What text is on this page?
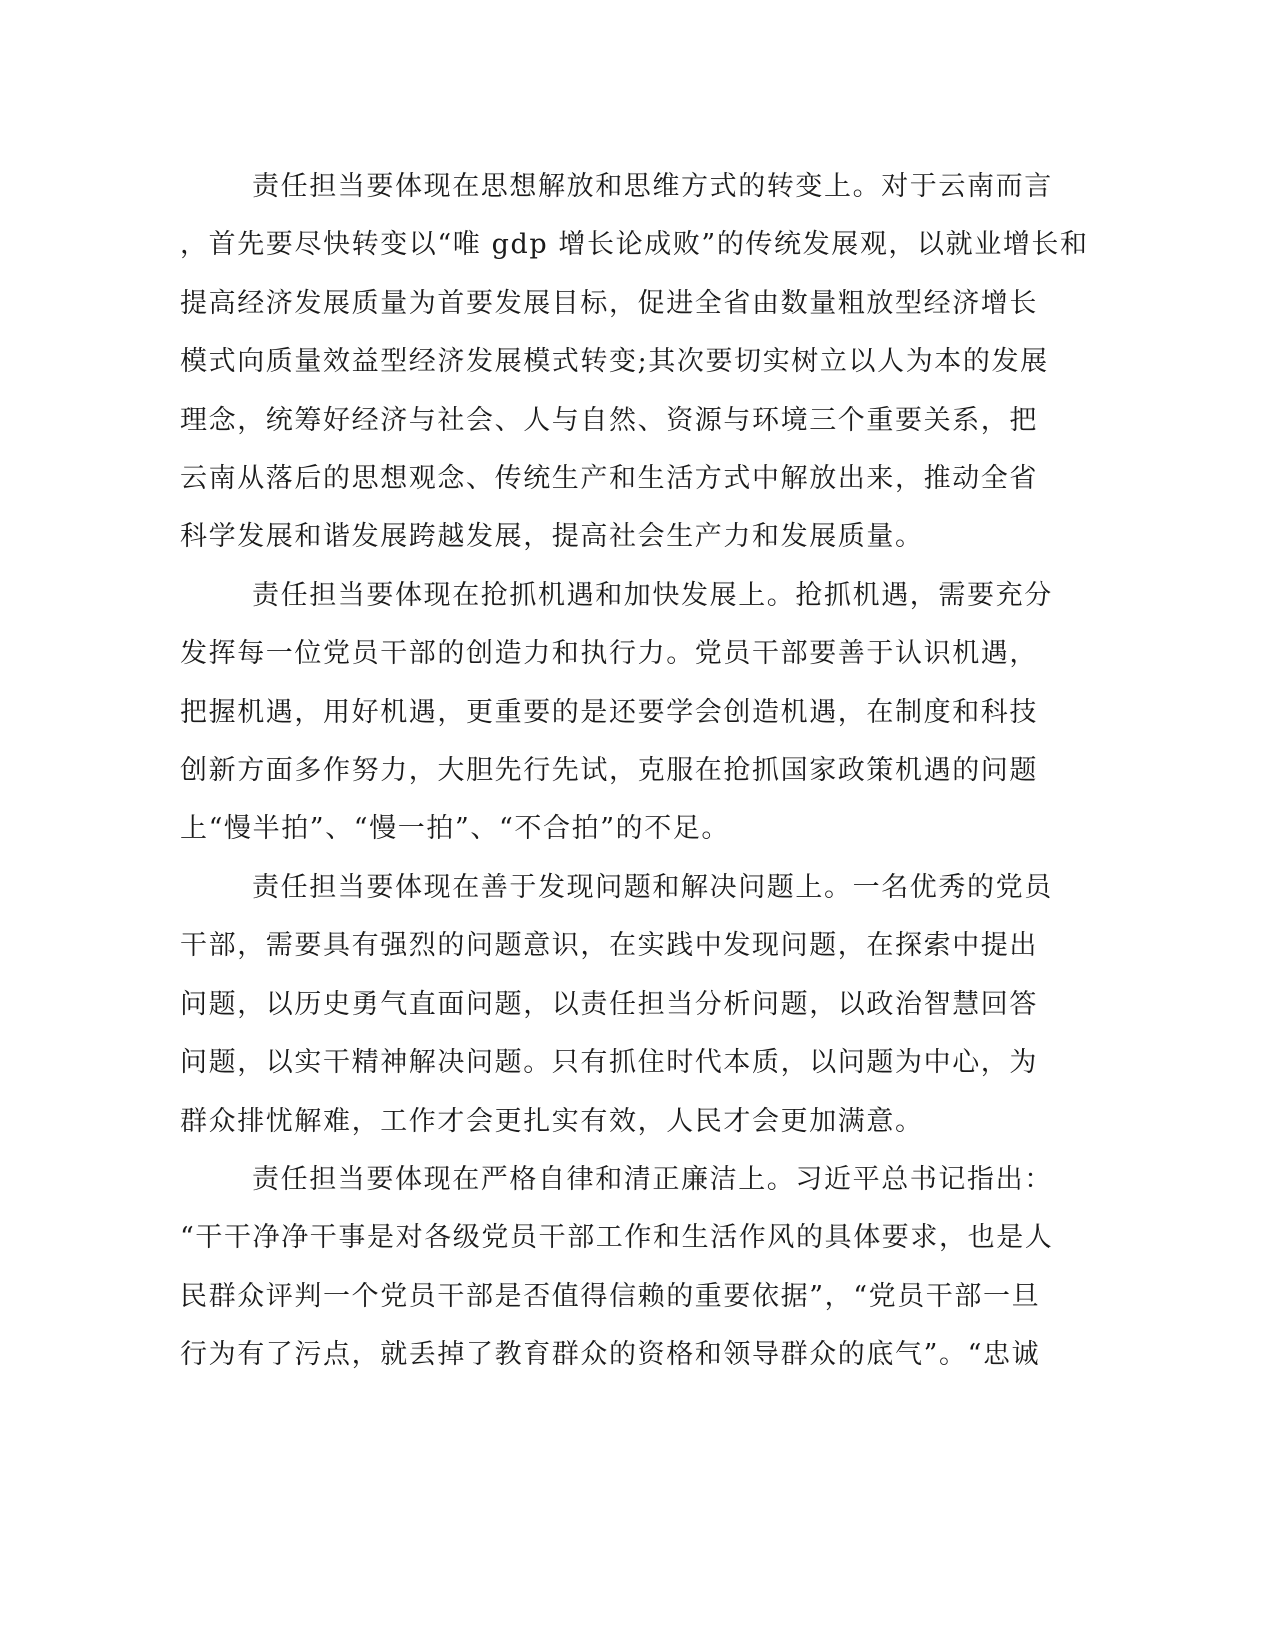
责任担当要体现在思想解放和思维方式的转变上。对于云南而言
，首先要尽快转变以“唯 gdp 增长论成败”的传统发展观，以就业增长和
提高经济发展质量为首要发展目标，促进全省由数量粗放型经济增长
模式向质量效益型经济发展模式转变;其次要切实树立以人为本的发展
理念，统筹好经济与社会、人与自然、资源与环境三个重要关系，把
云南从落后的思想观念、传统生产和生活方式中解放出来，推动全省
科学发展和谐发展跨越发展，提高社会生产力和发展质量。

责任担当要体现在抢抓机遇和加快发展上。抢抓机遇，需要充分
发挥每一位党员干部的创造力和执行力。党员干部要善于认识机遇，
把握机遇，用好机遇，更重要的是还要学会创造机遇，在制度和科技
创新方面多作努力，大胆先行先试，克服在抢抓国家政策机遇的问题
上“慢半拍”、“慢一拍”、“不合拍”的不足。

责任担当要体现在善于发现问题和解决问题上。一名优秀的党员
干部，需要具有强烈的问题意识，在实践中发现问题，在探索中提出
问题，以历史勇气直面问题，以责任担当分析问题，以政治智慧回答
问题，以实干精神解决问题。只有抓住时代本质，以问题为中心，为
群众排忧解难，工作才会更扎实有效，人民才会更加满意。

责任担当要体现在严格自律和清正廉洁上。习近平总书记指出：
“干干净净干事是对各级党员干部工作和生活作风的具体要求，也是人
民群众评判一个党员干部是否值得信赖的重要依据”，“党员干部一旦
行为有了污点，就丢掉了教育群众的资格和领导群众的底气”。“忠诚
